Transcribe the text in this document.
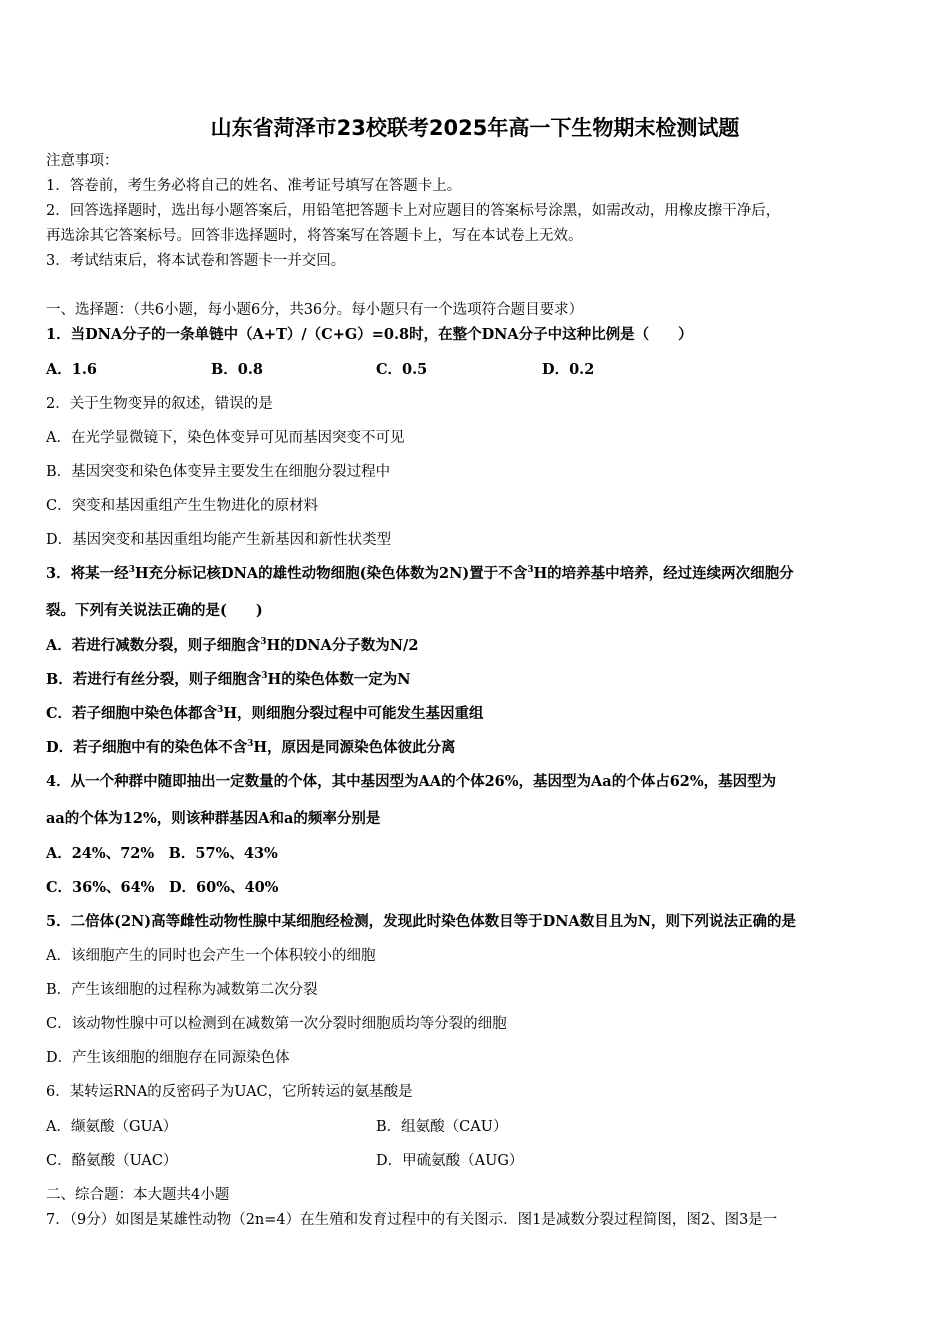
山东省菏泽市23校联考2025年高一下生物期末检测试题
注意事项：
1．答卷前，考生务必将自己的姓名、准考证号填写在答题卡上。
2．回答选择题时，选出每小题答案后，用铅笔把答题卡上对应题目的答案标号涂黑，如需改动，用橡皮擦干净后，
再选涂其它答案标号。回答非选择题时，将答案写在答题卡上，写在本试卷上无效。
3．考试结束后，将本试卷和答题卡一并交回。
一、选择题：（共6小题，每小题6分，共36分。每小题只有一个选项符合题目要求）
1．当DNA分子的一条单链中（A+T）/（C+G）=0.8时，在整个DNA分子中这种比例是（　　）
A．1.6	B．0.8	C．0.5	D．0.2
2．关于生物变异的叙述，错误的是
A．在光学显微镜下，染色体变异可见而基因突变不可见
B．基因突变和染色体变异主要发生在细胞分裂过程中
C．突变和基因重组产生生物进化的原材料
D．基因突变和基因重组均能产生新基因和新性状类型
3．将某一经$^3$H充分标记核DNA的雄性动物细胞(染色体数为2N)置于不含$^3$H的培养基中培养，经过连续两次细胞分
裂。下列有关说法正确的是(　　)
A．若进行减数分裂，则子细胞含$^3$H的DNA分子数为N/2
B．若进行有丝分裂，则子细胞含$^3$H的染色体数一定为N
C．若子细胞中染色体都含$^3$H，则细胞分裂过程中可能发生基因重组
D．若子细胞中有的染色体不含$^3$H，原因是同源染色体彼此分离
4．从一个种群中随即抽出一定数量的个体，其中基因型为AA的个体26%，基因型为Aa的个体占62%，基因型为
aa的个体为12%，则该种群基因A和a的频率分别是
A．24%、72%　B．57%、43%
C．36%、64%　D．60%、40%
5．二倍体(2N)高等雌性动物性腺中某细胞经检测，发现此时染色体数目等于DNA数目且为N，则下列说法正确的是
A．该细胞产生的同时也会产生一个体积较小的细胞
B．产生该细胞的过程称为减数第二次分裂
C．该动物性腺中可以检测到在减数第一次分裂时细胞质均等分裂的细胞
D．产生该细胞的细胞存在同源染色体
6．某转运RNA的反密码子为UAC，它所转运的氨基酸是
A．缬氨酸（GUA）	B．组氨酸（CAU）
C．酪氨酸（UAC）	D．甲硫氨酸（AUG）
二、综合题：本大题共4小题
7．（9分）如图是某雄性动物（2n=4）在生殖和发育过程中的有关图示．图1是减数分裂过程简图，图2、图3是一
